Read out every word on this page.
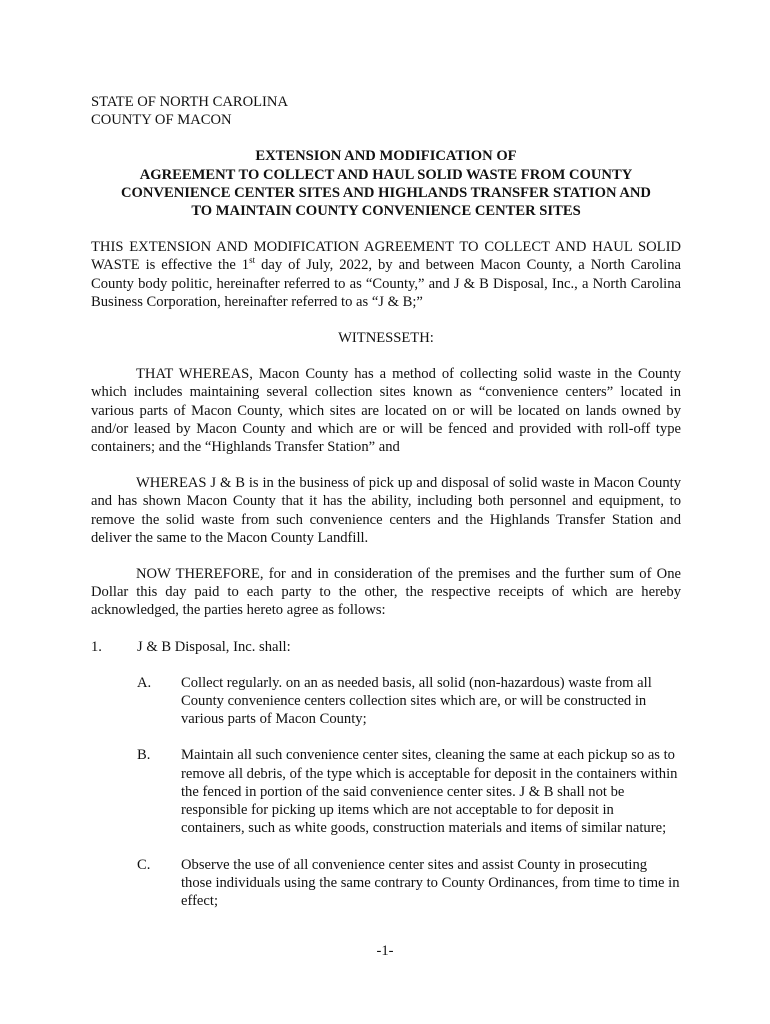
STATE OF NORTH CAROLINA
COUNTY OF MACON
EXTENSION AND MODIFICATION OF
AGREEMENT TO COLLECT AND HAUL SOLID WASTE FROM COUNTY
CONVENIENCE CENTER SITES AND HIGHLANDS TRANSFER STATION AND
TO MAINTAIN COUNTY CONVENIENCE CENTER SITES

THIS EXTENSION AND MODIFICATION AGREEMENT TO COLLECT AND HAUL SOLID WASTE is effective the 1st day of July, 2022, by and between Macon County, a North Carolina County body politic, hereinafter referred to as “County,” and J & B Disposal, Inc., a North Carolina Business Corporation, hereinafter referred to as “J & B;”

WITNESSETH:

THAT WHEREAS, Macon County has a method of collecting solid waste in the County which includes maintaining several collection sites known as “convenience centers” located in various parts of Macon County, which sites are located on or will be located on lands owned by and/or leased by Macon County and which are or will be fenced and provided with roll-off type containers; and the “Highlands Transfer Station” and

WHEREAS J & B is in the business of pick up and disposal of solid waste in Macon County and has shown Macon County that it has the ability, including both personnel and equipment, to remove the solid waste from such convenience centers and the Highlands Transfer Station and deliver the same to the Macon County Landfill.

NOW THEREFORE, for and in consideration of the premises and the further sum of One Dollar this day paid to each party to the other, the respective receipts of which are hereby acknowledged, the parties hereto agree as follows:

1.	J & B Disposal, Inc. shall:
A.	Collect regularly. on an as needed basis, all solid (non-hazardous) waste from all County convenience centers collection sites which are, or will be constructed in various parts of Macon County;
B.	Maintain all such convenience center sites, cleaning the same at each pickup so as to remove all debris, of the type which is acceptable for deposit in the containers within the fenced in portion of the said convenience center sites. J & B shall not be responsible for picking up items which are not acceptable to for deposit in containers, such as white goods, construction materials and items of similar nature;
C.	Observe the use of all convenience center sites and assist County in prosecuting those individuals using the same contrary to County Ordinances, from time to time in effect;
-1-
